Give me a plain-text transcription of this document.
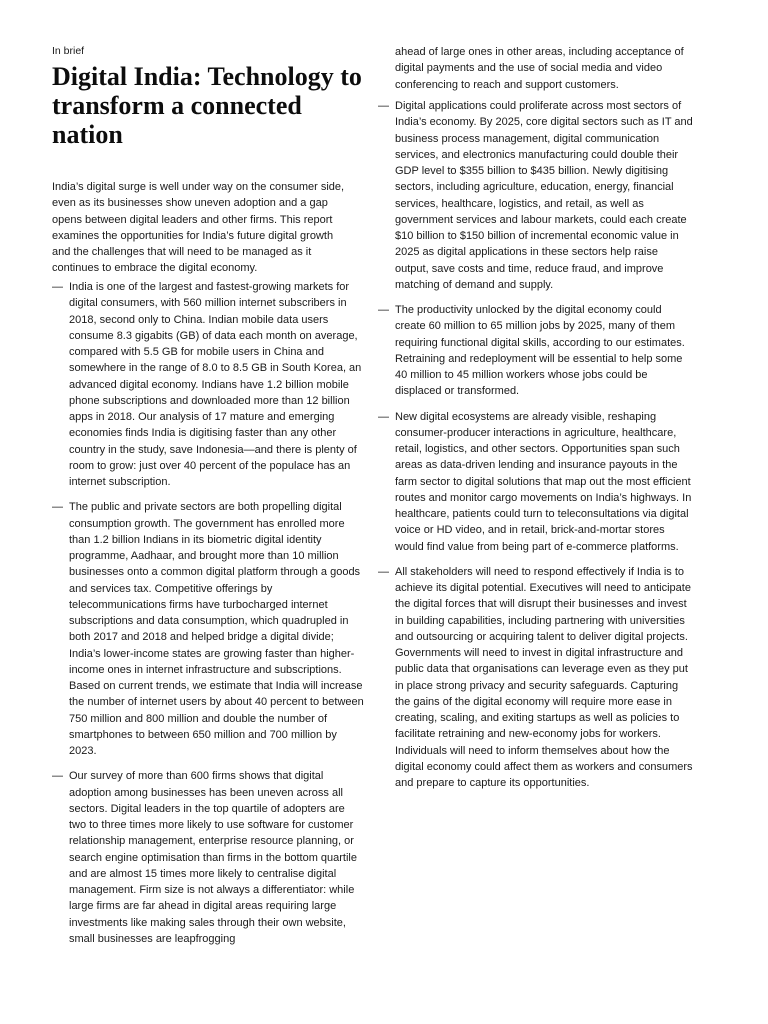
In brief
Digital India: Technology to transform a connected nation

India’s digital surge is well under way on the consumer side, even as its businesses show uneven adoption and a gap opens between digital leaders and other firms. This report examines the opportunities for India’s future digital growth and the challenges that will need to be managed as it continues to embrace the digital economy.

— India is one of the largest and fastest-growing markets for digital consumers, with 560 million internet subscribers in 2018, second only to China. Indian mobile data users consume 8.3 gigabits (GB) of data each month on average, compared with 5.5 GB for mobile users in China and somewhere in the range of 8.0 to 8.5 GB in South Korea, an advanced digital economy. Indians have 1.2 billion mobile phone subscriptions and downloaded more than 12 billion apps in 2018. Our analysis of 17 mature and emerging economies finds India is digitising faster than any other country in the study, save Indonesia—and there is plenty of room to grow: just over 40 percent of the populace has an internet subscription.
— The public and private sectors are both propelling digital consumption growth. The government has enrolled more than 1.2 billion Indians in its biometric digital identity programme, Aadhaar, and brought more than 10 million businesses onto a common digital platform through a goods and services tax. Competitive offerings by telecommunications firms have turbocharged internet subscriptions and data consumption, which quadrupled in both 2017 and 2018 and helped bridge a digital divide; India’s lower-income states are growing faster than higher-income ones in internet infrastructure and subscriptions. Based on current trends, we estimate that India will increase the number of internet users by about 40 percent to between 750 million and 800 million and double the number of smartphones to between 650 million and 700 million by 2023.
— Our survey of more than 600 firms shows that digital adoption among businesses has been uneven across all sectors. Digital leaders in the top quartile of adopters are two to three times more likely to use software for customer relationship management, enterprise resource planning, or search engine optimisation than firms in the bottom quartile and are almost 15 times more likely to centralise digital management. Firm size is not always a differentiator: while large firms are far ahead in digital areas requiring large investments like making sales through their own website, small businesses are leapfrogging

ahead of large ones in other areas, including acceptance of digital payments and the use of social media and video conferencing to reach and support customers.

— Digital applications could proliferate across most sectors of India’s economy. By 2025, core digital sectors such as IT and business process management, digital communication services, and electronics manufacturing could double their GDP level to $355 billion to $435 billion. Newly digitising sectors, including agriculture, education, energy, financial services, healthcare, logistics, and retail, as well as government services and labour markets, could each create $10 billion to $150 billion of incremental economic value in 2025 as digital applications in these sectors help raise output, save costs and time, reduce fraud, and improve matching of demand and supply.
— The productivity unlocked by the digital economy could create 60 million to 65 million jobs by 2025, many of them requiring functional digital skills, according to our estimates. Retraining and redeployment will be essential to help some 40 million to 45 million workers whose jobs could be displaced or transformed.
— New digital ecosystems are already visible, reshaping consumer-producer interactions in agriculture, healthcare, retail, logistics, and other sectors. Opportunities span such areas as data-driven lending and insurance payouts in the farm sector to digital solutions that map out the most efficient routes and monitor cargo movements on India’s highways. In healthcare, patients could turn to teleconsultations via digital voice or HD video, and in retail, brick-and-mortar stores would find value from being part of e-commerce platforms.
— All stakeholders will need to respond effectively if India is to achieve its digital potential. Executives will need to anticipate the digital forces that will disrupt their businesses and invest in building capabilities, including partnering with universities and outsourcing or acquiring talent to deliver digital projects. Governments will need to invest in digital infrastructure and public data that organisations can leverage even as they put in place strong privacy and security safeguards. Capturing the gains of the digital economy will require more ease in creating, scaling, and exiting startups as well as policies to facilitate retraining and new-economy jobs for workers. Individuals will need to inform themselves about how the digital economy could affect them as workers and consumers and prepare to capture its opportunities.
